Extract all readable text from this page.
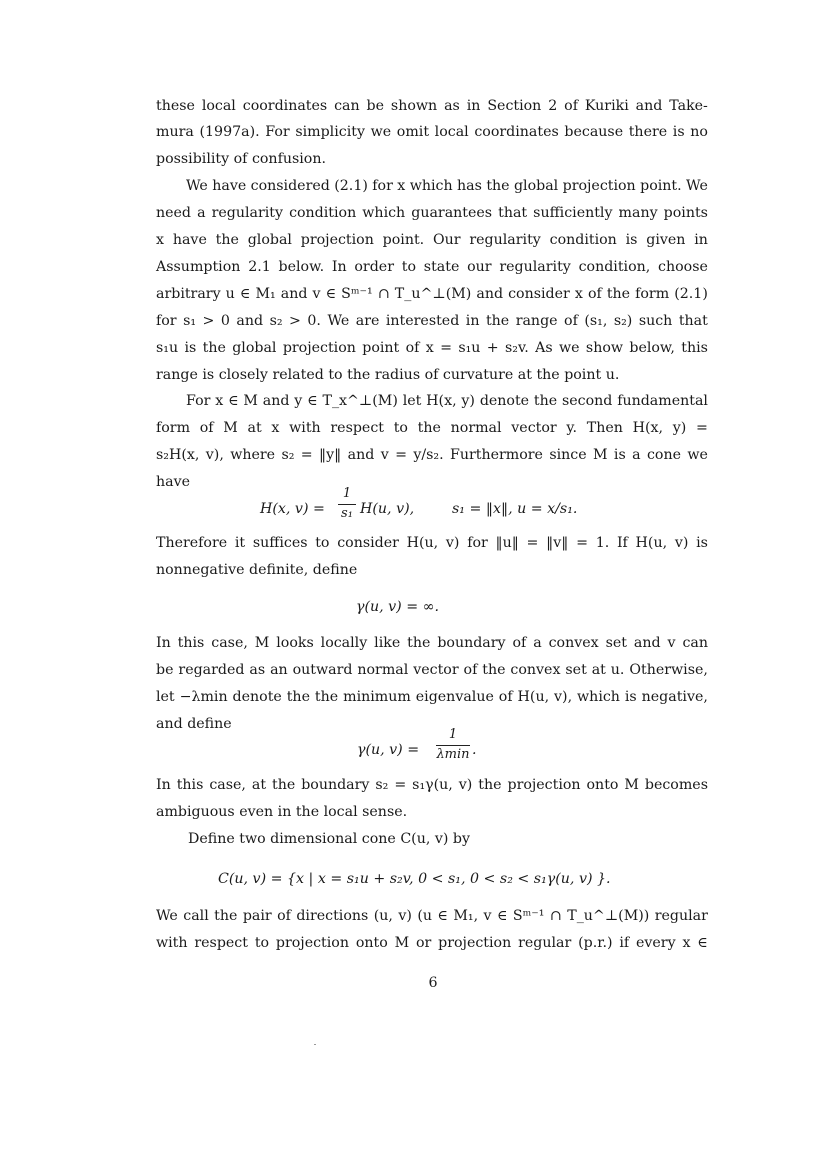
these local coordinates can be shown as in Section 2 of Kuriki and Take-
mura (1997a). For simplicity we omit local coordinates because there is no
possibility of confusion.
We have considered (2.1) for x which has the global projection point. We
need a regularity condition which guarantees that sufficiently many points
x have the global projection point. Our regularity condition is given in
Assumption 2.1 below. In order to state our regularity condition, choose
arbitrary u ∈ M₁ and v ∈ Sᵐ⁻¹ ∩ T_u^⊥(M) and consider x of the form (2.1)
for s₁ > 0 and s₂ > 0. We are interested in the range of (s₁, s₂) such that
s₁u is the global projection point of x = s₁u + s₂v. As we show below, this
range is closely related to the radius of curvature at the point u.
For x ∈ M and y ∈ T_x^⊥(M) let H(x, y) denote the second fundamental
form of M at x with respect to the normal vector y. Then H(x, y) =
s₂H(x, v), where s₂ = ‖y‖ and v = y/s₂. Furthermore since M is a cone we
have
H(x, v) =
1
s₁ H(u, v),	s₁ = ‖x‖, u = x/s₁.
Therefore it suffices to consider H(u, v) for ‖u‖ = ‖v‖ = 1. If H(u, v) is
nonnegative definite, define
γ(u, v) = ∞.
In this case, M looks locally like the boundary of a convex set and v can
be regarded as an outward normal vector of the convex set at u. Otherwise,
let −λmin denote the the minimum eigenvalue of H(u, v), which is negative,
and define
γ(u, v) =
1
λmin .
In this case, at the boundary s₂ = s₁γ(u, v) the projection onto M becomes
ambiguous even in the local sense.
Define two dimensional cone C(u, v) by
C(u, v) = {x | x = s₁u + s₂v, 0 < s₁, 0 < s₂ < s₁γ(u, v) }.
We call the pair of directions (u, v) (u ∈ M₁, v ∈ Sᵐ⁻¹ ∩ T_u^⊥(M)) regular
with respect to projection onto M or projection regular (p.r.) if every x ∈
6
